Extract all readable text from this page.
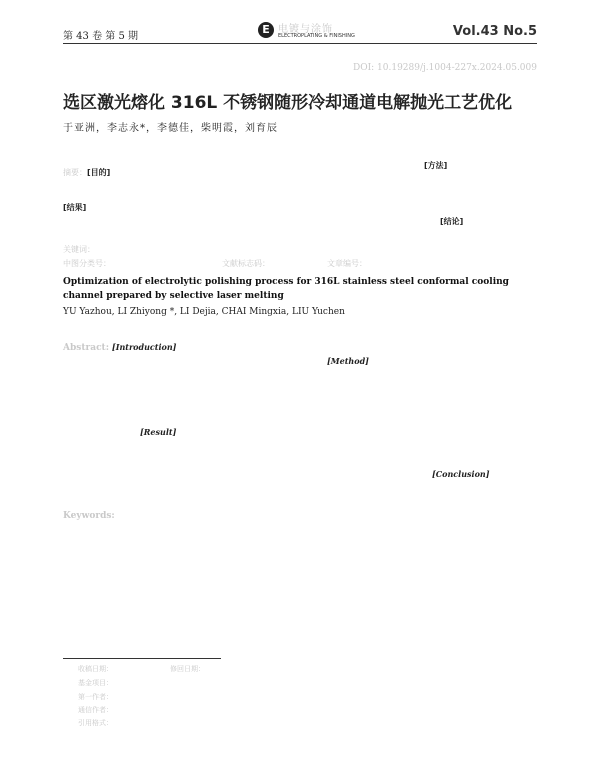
第 43 卷 第 5 期
E 电镀与涂饰
ELECTROPLATING & FINISHING	Vol.43 No.5
DOI: 10.19289/j.1004-227x.2024.05.009
选区激光熔化 316L 不锈钢随形冷却通道电解抛光工艺优化
于亚洲，李志永*，李德佳，柴明霞，刘育辰
摘要：[目的]
[方法]
[结果]
[结论]
关键词：
中图分类号：	文献标志码：	文章编号：
Optimization of electrolytic polishing process for 316L stainless steel conformal cooling channel prepared by selective laser melting
YU Yazhou, LI Zhiyong *, LI Dejia, CHAI Mingxia, LIU Yuchen
Abstract: [Introduction]
[Method]
[Result]
[Conclusion]
Keywords:
收稿日期：	修回日期：
基金项目：
第一作者：
通信作者：
引用格式：
